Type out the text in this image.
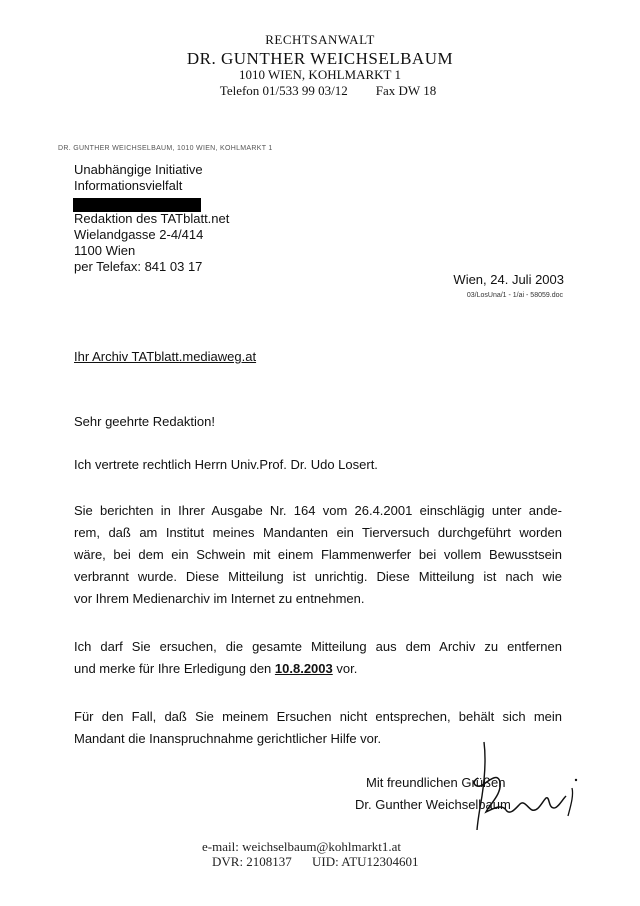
RECHTSANWALT
DR. GUNTHER WEICHSELBAUM
1010 WIEN, KOHLMARKT 1
Telefon 01/533 99 03/12 Fax DW 18
DR. GUNTHER WEICHSELBAUM, 1010 WIEN, KOHLMARKT 1
Unabhängige Initiative
Informationsvielfalt
Redaktion des TATblatt.net
Wielandgasse 2-4/414
1100 Wien
per Telefax: 841 03 17
Wien, 24. Juli 2003
03/LosUna/1 - 1/ai - 58059.doc
Ihr Archiv TATblatt.mediaweg.at
Sehr geehrte Redaktion!
Ich vertrete rechtlich Herrn Univ.Prof. Dr. Udo Losert.
Sie berichten in Ihrer Ausgabe Nr. 164 vom 26.4.2001 einschlägig unter ande-
rem, daß am Institut meines Mandanten ein Tierversuch durchgeführt worden
wäre, bei dem ein Schwein mit einem Flammenwerfer bei vollem Bewusstsein
verbrannt wurde. Diese Mitteilung ist unrichtig. Diese Mitteilung ist nach wie
vor Ihrem Medienarchiv im Internet zu entnehmen.
Ich darf Sie ersuchen, die gesamte Mitteilung aus dem Archiv zu entfernen
und merke für Ihre Erledigung den 10.8.2003 vor.
Für den Fall, daß Sie meinem Ersuchen nicht entsprechen, behält sich mein
Mandant die Inanspruchnahme gerichtlicher Hilfe vor.
Mit freundlichen Grüßen
Dr. Gunther Weichselbaum
e-mail: weichselbaum@kohlmarkt1.at
DVR: 2108137 UID: ATU12304601
